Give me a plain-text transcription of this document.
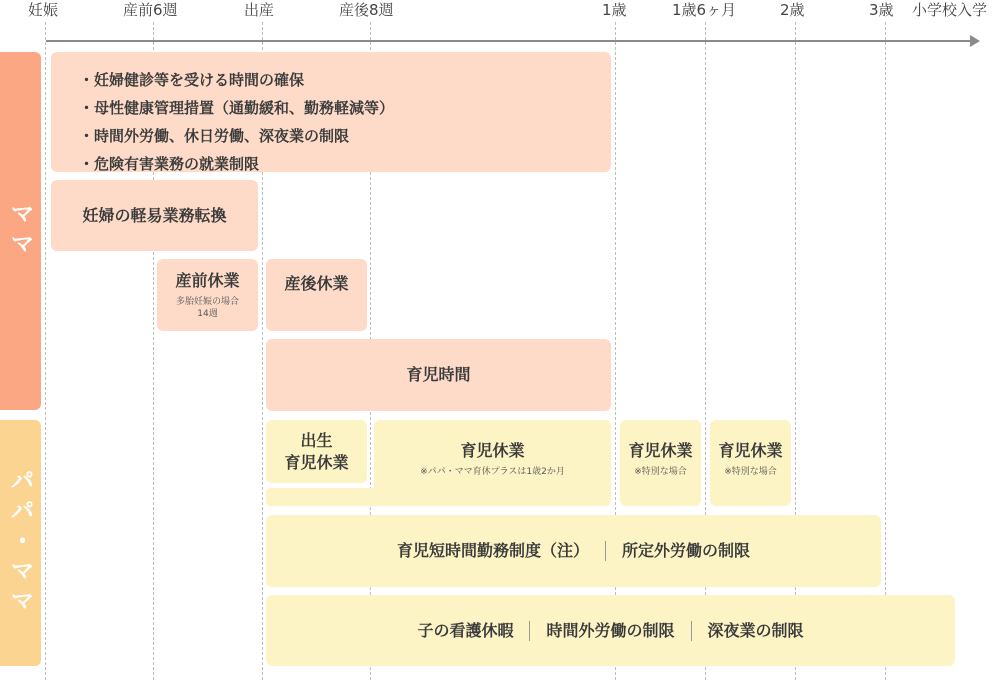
妊娠	産前6週	出産	産後8週	1歳	1歳6ヶ月	2歳	3歳 小学校入学
ママ
パパ・ママ
・ 妊婦健診等を受ける時間の確保
・ 母性健康管理措置（通勤緩和、勤務軽減等）
・ 時間外労働、休日労働、深夜業の制限
・ 危険有害業務の就業制限
妊婦の軽易業務転換
産前休業
多胎妊娠の場合
14週
産後休業
育児時間
出生
育児休業
育児休業
※パパ・ママ育休プラスは1歳2か月
育児休業
※特別な場合
育児休業
※特別な場合
育児短時間勤務制度（注） 所定外労働の制限
子の看護休暇 時間外労働の制限 深夜業の制限
